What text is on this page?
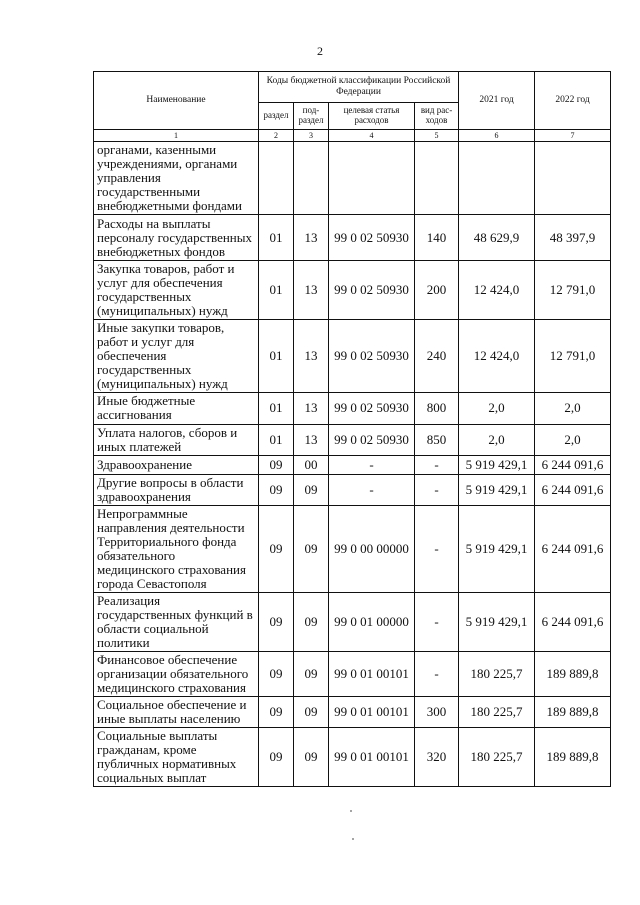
2
Наименование	Коды бюджетной классификации Российской Федерации				2021 год	2022 год
	раздел	под-раздел	целевая статья расходов	вид рас-ходов		
1	2	3	4	5	6	7
органами, казенными учреждениями, органами управления государственными внебюджетными фондами						
Расходы на выплаты персоналу государственных внебюджетных фондов	01	13	99 0 02 50930	140	48 629,9	48 397,9
Закупка товаров, работ и услуг для обеспечения государственных (муниципальных) нужд	01	13	99 0 02 50930	200	12 424,0	12 791,0
Иные закупки товаров, работ и услуг для обеспечения государственных (муниципальных) нужд	01	13	99 0 02 50930	240	12 424,0	12 791,0
Иные бюджетные ассигнования	01	13	99 0 02 50930	800	2,0	2,0
Уплата налогов, сборов и иных платежей	01	13	99 0 02 50930	850	2,0	2,0
Здравоохранение	09	00	-	-	5 919 429,1	6 244 091,6
Другие вопросы в области здравоохранения	09	09	-	-	5 919 429,1	6 244 091,6
Непрограммные направления деятельности Территориального фонда обязательного медицинского страхования города Севастополя	09	09	99 0 00 00000	-	5 919 429,1	6 244 091,6
Реализация государственных функций в области социальной политики	09	09	99 0 01 00000	-	5 919 429,1	6 244 091,6
Финансовое обеспечение организации обязательного медицинского страхования	09	09	99 0 01 00101	-	180 225,7	189 889,8
Социальное обеспечение и иные выплаты населению	09	09	99 0 01 00101	300	180 225,7	189 889,8
Социальные выплаты гражданам, кроме публичных нормативных социальных выплат	09	09	99 0 01 00101	320	180 225,7	189 889,8
